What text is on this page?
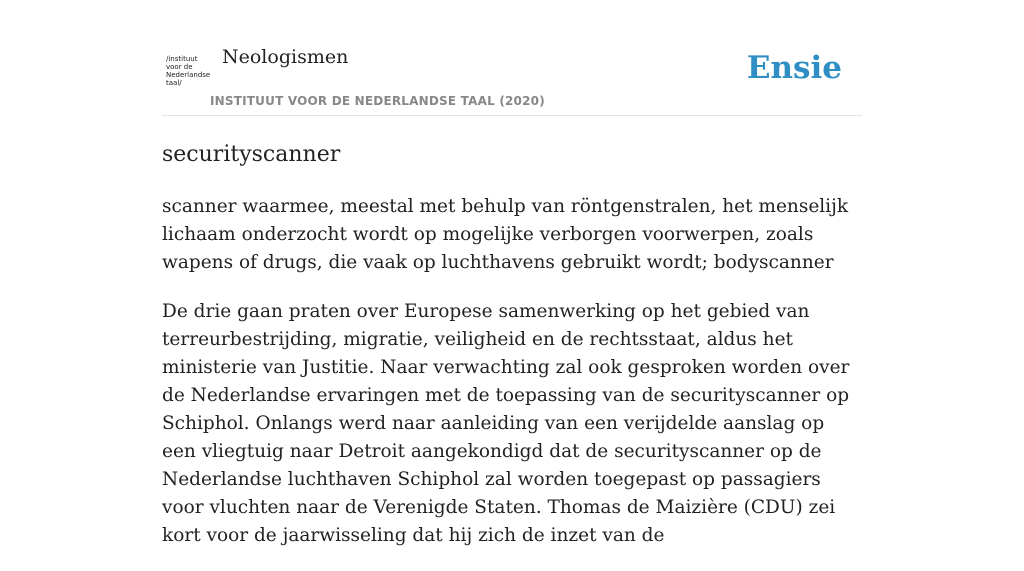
/instituut
voor de
Nederlandse
taal/
Neologismen
INSTITUUT VOOR DE NEDERLANDSE TAAL (2020)
Ensie
securityscanner

scanner waarmee, meestal met behulp van röntgenstralen, het menselijk lichaam onderzocht wordt op mogelijke verborgen voorwerpen, zoals wapens of drugs, die vaak op luchthavens gebruikt wordt; bodyscanner

De drie gaan praten over Europese samenwerking op het gebied van terreurbestrijding, migratie, veiligheid en de rechtsstaat, aldus het ministerie van Justitie. Naar verwachting zal ook gesproken worden over de Nederlandse ervaringen met de toepassing van de securityscanner op Schiphol. Onlangs werd naar aanleiding van een verijdelde aanslag op een vliegtuig naar Detroit aangekondigd dat de securityscanner op de Nederlandse luchthaven Schiphol zal worden toegepast op passagiers voor vluchten naar de Verenigde Staten. Thomas de Maizière (CDU) zei kort voor de jaarwisseling dat hij zich de inzet van de
